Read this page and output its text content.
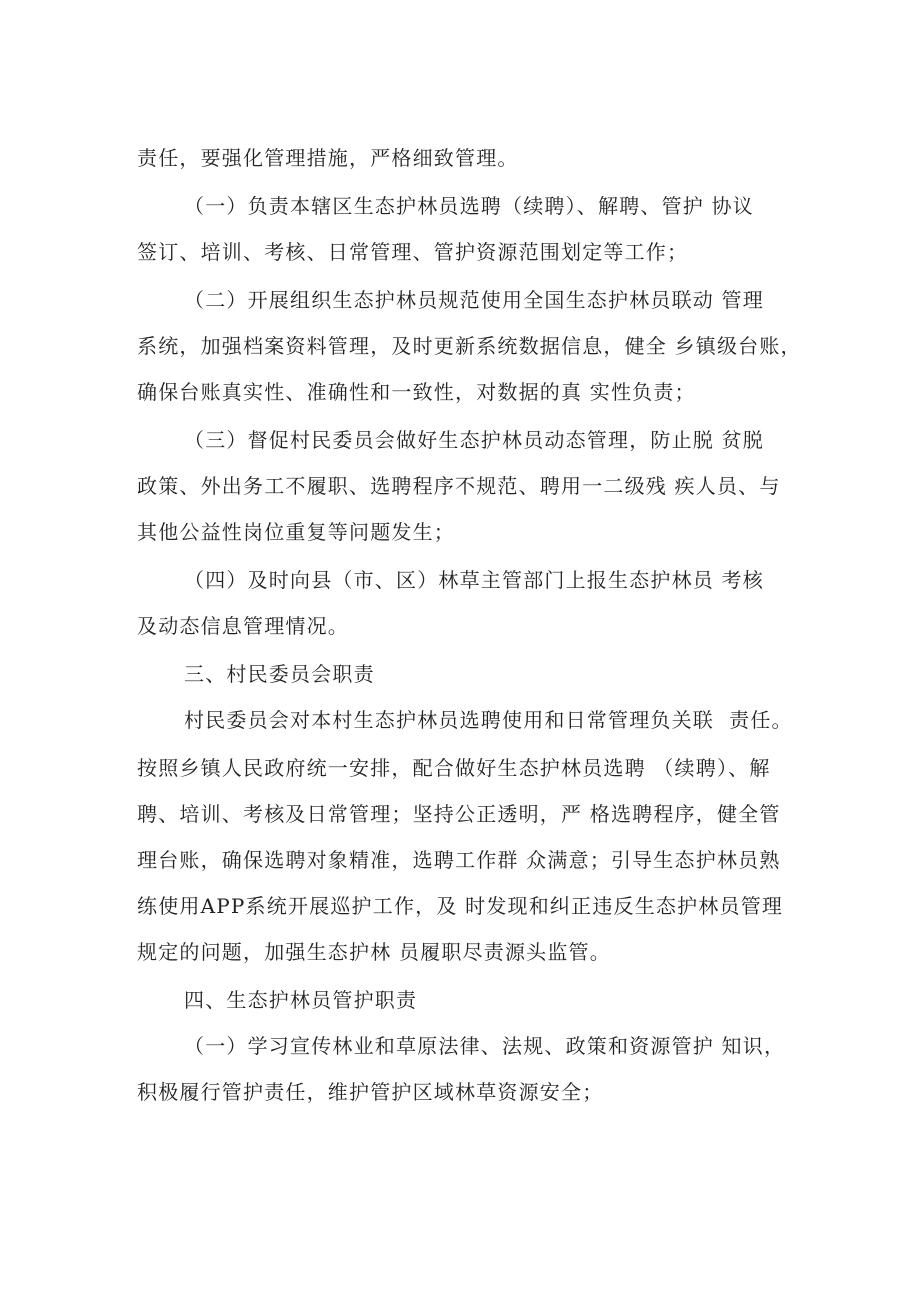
责任，要强化管理措施，严格细致管理。
（一）负责本辖区生态护林员选聘（续聘）、解聘、管护 协议
签订、培训、考核、日常管理、管护资源范围划定等工作；
（二）开展组织生态护林员规范使用全国生态护林员联动 管理
系统，加强档案资料管理，及时更新系统数据信息，健全 乡镇级台账，
确保台账真实性、准确性和一致性，对数据的真 实性负责；
（三）督促村民委员会做好生态护林员动态管理，防止脱 贫脱
政策、外出务工不履职、选聘程序不规范、聘用一二级残 疾人员、与
其他公益性岗位重复等问题发生；
（四）及时向县（市、区）林草主管部门上报生态护林员 考核
及动态信息管理情况。
三、村民委员会职责
村民委员会对本村生态护林员选聘使用和日常管理负关联  责任。
按照乡镇人民政府统一安排，配合做好生态护林员选聘 （续聘）、解
聘、培训、考核及日常管理；坚持公正透明，严 格选聘程序，健全管
理台账，确保选聘对象精准，选聘工作群 众满意；引导生态护林员熟
练使用APP系统开展巡护工作，及 时发现和纠正违反生态护林员管理
规定的问题，加强生态护林 员履职尽责源头监管。
四、生态护林员管护职责
（一）学习宣传林业和草原法律、法规、政策和资源管护 知识，
积极履行管护责任，维护管护区域林草资源安全；
